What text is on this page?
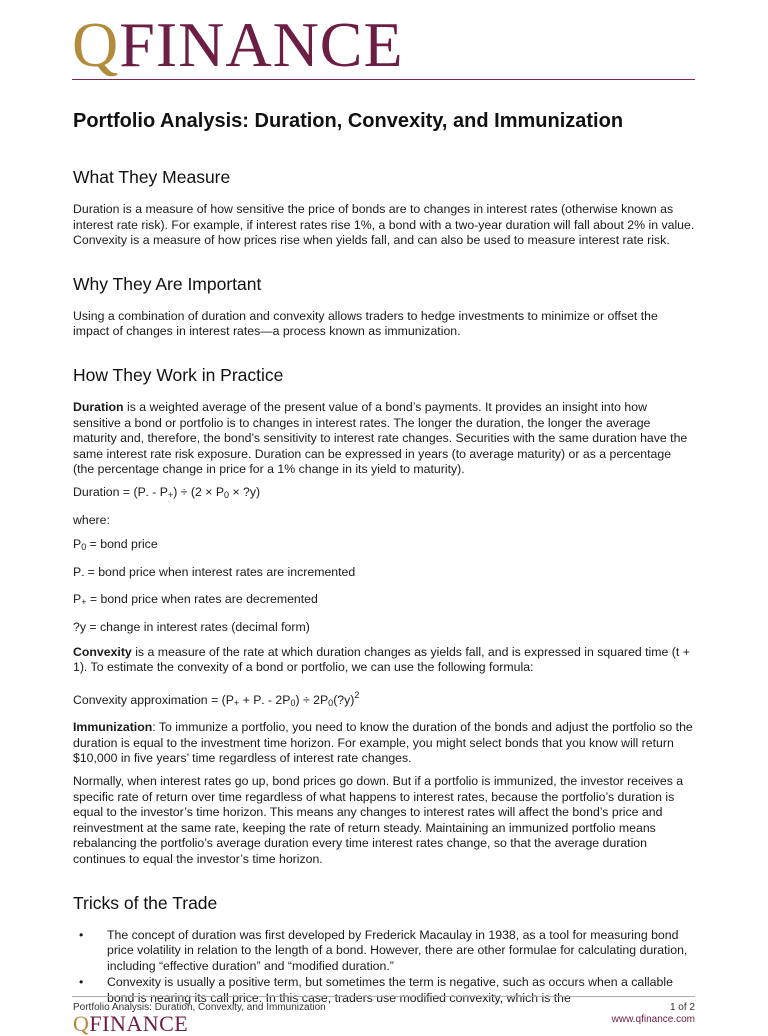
QFINANCE
Portfolio Analysis: Duration, Convexity, and Immunization
What They Measure

Duration is a measure of how sensitive the price of bonds are to changes in interest rates (otherwise known as interest rate risk). For example, if interest rates rise 1%, a bond with a two-year duration will fall about 2% in value. Convexity is a measure of how prices rise when yields fall, and can also be used to measure interest rate risk.

Why They Are Important

Using a combination of duration and convexity allows traders to hedge investments to minimize or offset the impact of changes in interest rates—a process known as immunization.

How They Work in Practice

Duration is a weighted average of the present value of a bond’s payments. It provides an insight into how sensitive a bond or portfolio is to changes in interest rates. The longer the duration, the longer the average maturity and, therefore, the bond’s sensitivity to interest rate changes. Securities with the same duration have the same interest rate risk exposure. Duration can be expressed in years (to average maturity) or as a percentage (the percentage change in price for a 1% change in its yield to maturity).

Duration = $(P_- - P_+) \div (2 \times P_0$ × ?y)

where:

$P_0$ = bond price

$P_-$ = bond price when interest rates are incremented

$P_+$ = bond price when rates are decremented

?y = change in interest rates (decimal form)

Convexity is a measure of the rate at which duration changes as yields fall, and is expressed in squared time (t + 1). To estimate the convexity of a bond or portfolio, we can use the following formula:

Convexity approximation = $(P_+ + P_- - 2P_0)$ ÷ $2P_0(?y)^2$

Immunization: To immunize a portfolio, you need to know the duration of the bonds and adjust the portfolio so the duration is equal to the investment time horizon. For example, you might select bonds that you know will return $10,000 in five years’ time regardless of interest rate changes.

Normally, when interest rates go up, bond prices go down. But if a portfolio is immunized, the investor receives a specific rate of return over time regardless of what happens to interest rates, because the portfolio’s duration is equal to the investor’s time horizon. This means any changes to interest rates will affect the bond’s price and reinvestment at the same rate, keeping the rate of return steady. Maintaining an immunized portfolio means rebalancing the portfolio’s average duration every time interest rates change, so that the average duration continues to equal the investor’s time horizon.

Tricks of the Trade
• The concept of duration was first developed by Frederick Macaulay in 1938, as a tool for measuring bond price volatility in relation to the length of a bond. However, there are other formulae for calculating duration, including “effective duration” and “modified duration.”
• Convexity is usually a positive term, but sometimes the term is negative, such as occurs when a callable bond is nearing its call price. In this case, traders use modified convexity, which is the
Portfolio Analysis: Duration, Convexity, and Immunization	1 of 2
QFINANCE	www.qfinance.com
